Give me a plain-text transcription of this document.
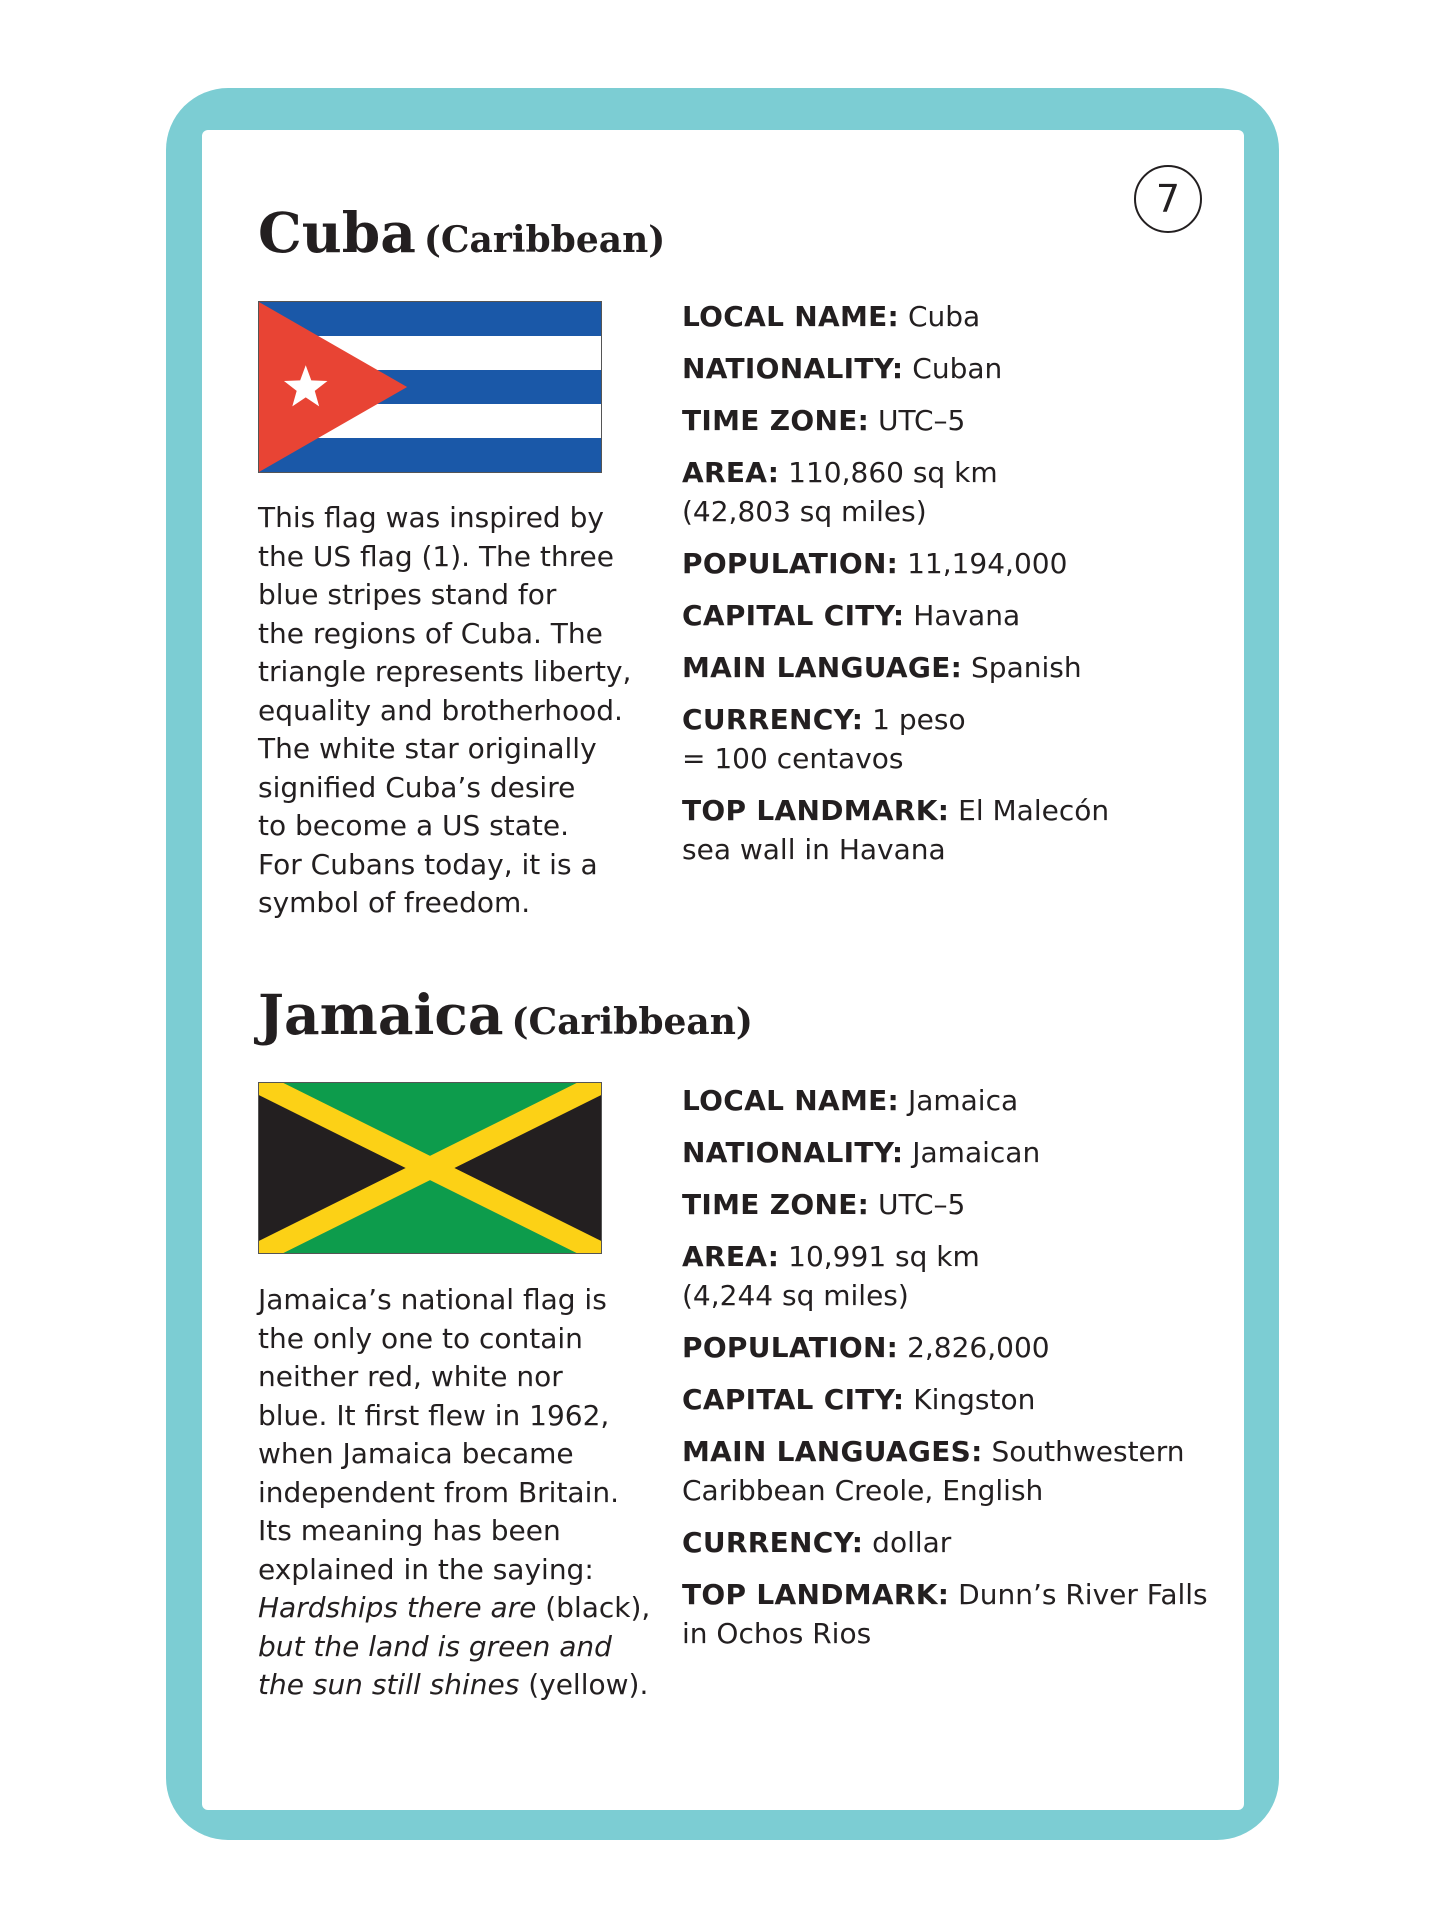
7
Cuba (Caribbean)
This flag was inspired by
the US flag (1). The three
blue stripes stand for
the regions of Cuba. The
triangle represents liberty,
equality and brotherhood.
The white star originally
signified Cuba’s desire
to become a US state.
For Cubans today, it is a
symbol of freedom.

LOCAL NAME: Cuba

NATIONALITY: Cuban

TIME ZONE: UTC–5

AREA: 110,860 sq km
(42,803 sq miles)

POPULATION: 11,194,000

CAPITAL CITY: Havana

MAIN LANGUAGE: Spanish

CURRENCY: 1 peso
= 100 centavos

TOP LANDMARK: El Malecón
sea wall in Havana

Jamaica (Caribbean)
Jamaica’s national flag is
the only one to contain
neither red, white nor
blue. It first flew in 1962,
when Jamaica became
independent from Britain.
Its meaning has been
explained in the saying:
Hardships there are (black),
but the land is green and
the sun still shines (yellow).

LOCAL NAME: Jamaica

NATIONALITY: Jamaican

TIME ZONE: UTC–5

AREA: 10,991 sq km
(4,244 sq miles)

POPULATION: 2,826,000

CAPITAL CITY: Kingston

MAIN LANGUAGES: Southwestern
Caribbean Creole, English

CURRENCY: dollar

TOP LANDMARK: Dunn’s River Falls
in Ochos Rios
